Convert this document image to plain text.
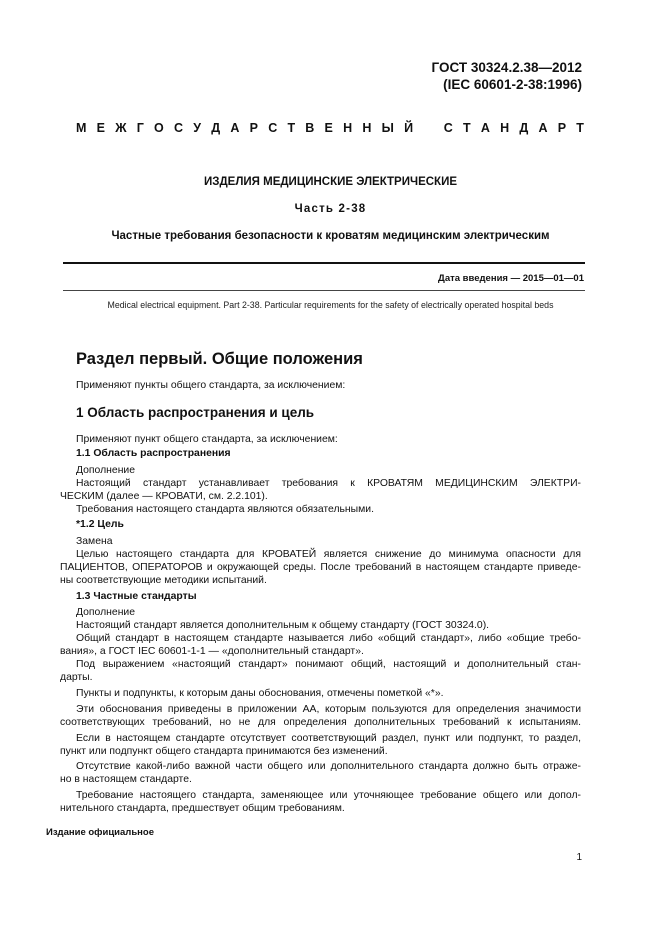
ГОСТ 30324.2.38—2012
(IEC 60601-2-38:1996)
М Е Ж Г О С У Д А Р С Т В Е Н Н Ы Й С Т А Н Д А Р Т
ИЗДЕЛИЯ МЕДИЦИНСКИЕ ЭЛЕКТРИЧЕСКИЕ
Часть 2-38
Частные требования безопасности к кроватям медицинским электрическим
Дата введения — 2015—01—01
Medical electrical equipment. Part 2-38. Particular requirements for the safety of electrically operated hospital beds
Раздел первый. Общие положения
Применяют пункты общего стандарта, за исключением:
1 Область распространения и цель
Применяют пункт общего стандарта, за исключением:
1.1 Область распространения
Дополнение
Настоящий стандарт устанавливает требования к КРОВАТЯМ МЕДИЦИНСКИМ ЭЛЕКТРИ-
ЧЕСКИМ (далее — КРОВАТИ, см. 2.2.101).
Требования настоящего стандарта являются обязательными.
*1.2 Цель
Замена
Целью настоящего стандарта для КРОВАТЕЙ является снижение до минимума опасности для
ПАЦИЕНТОВ, ОПЕРАТОРОВ и окружающей среды. После требований в настоящем стандарте приведе-
ны соответствующие методики испытаний.
1.3 Частные стандарты
Дополнение
Настоящий стандарт является дополнительным к общему стандарту (ГОСТ 30324.0).
Общий стандарт в настоящем стандарте называется либо «общий стандарт», либо «общие требо-
вания», а ГОСТ IEC 60601-1-1 — «дополнительный стандарт».
Под выражением «настоящий стандарт» понимают общий, настоящий и дополнительный стан-
дарты.
Пункты и подпункты, к которым даны обоснования, отмечены пометкой «*».
Эти обоснования приведены в приложении АА, которым пользуются для определения значимости
соответствующих требований, но не для определения дополнительных требований к испытаниям.
Если в настоящем стандарте отсутствует соответствующий раздел, пункт или подпункт, то раздел,
пункт или подпункт общего стандарта принимаются без изменений.
Отсутствие какой-либо важной части общего или дополнительного стандарта должно быть отраже-
но в настоящем стандарте.
Требование настоящего стандарта, заменяющее или уточняющее требование общего или допол-
нительного стандарта, предшествует общим требованиям.
Издание официальное
1
